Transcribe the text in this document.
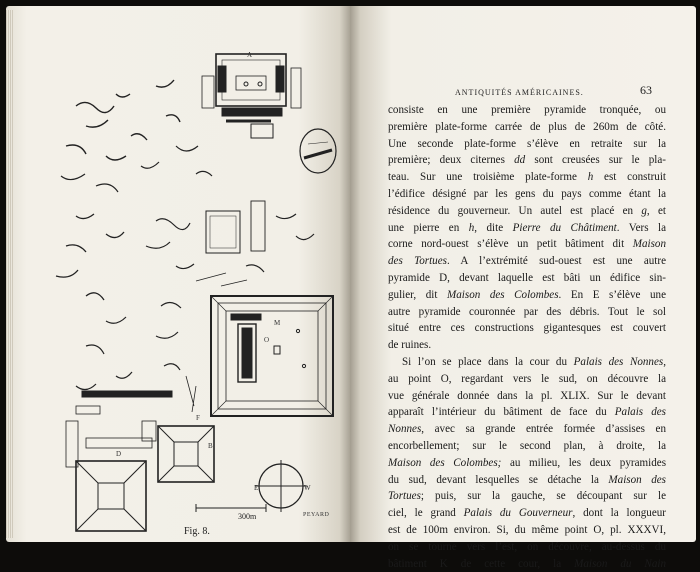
A
B
F
D
O
M
E	W
300m	PEYARD
Fig. 8.
ANTIQUITÉS AMÉRICAINES.	63
consiste en une première pyramide tronquée, ou
première plate-forme carrée de plus de 260m de côté.
Une seconde plate-forme s’élève en retraite sur la
première; deux citernes dd sont creusées sur le pla-
teau. Sur une troisième plate-forme h est construit
l’édifice désigné par les gens du pays comme étant la
résidence du gouverneur. Un autel est placé en g, et
une pierre en h, dite Pierre du Châtiment. Vers la
corne nord-ouest s’élève un petit bâtiment dit Maison
des Tortues. A l’extrémité sud-ouest est une autre
pyramide D, devant laquelle est bâti un édifice sin-
gulier, dit Maison des Colombes. En E s’élève une
autre pyramide couronnée par des débris. Tout le sol
situé entre ces constructions gigantesques est couvert
de ruines.
Si l’on se place dans la cour du Palais des Nonnes,
au point O, regardant vers le sud, on découvre la
vue générale donnée dans la pl. XLIX. Sur le devant
apparaît l’intérieur du bâtiment de face du Palais des
Nonnes, avec sa grande entrée formée d’assises en
encorbellement; sur le second plan, à droite, la
Maison des Colombes; au milieu, les deux pyramides
du sud, devant lesquelles se détache la Maison des
Tortues; puis, sur la gauche, se découpant sur le
ciel, le grand Palais du Gouverneur, dont la longueur
est de 100m environ. Si, du même point O, pl. XXXVI,
on se tourne vers l’est, on découvre, au-dessus du
bâtiment K de cette cour, la Maison du Nain
